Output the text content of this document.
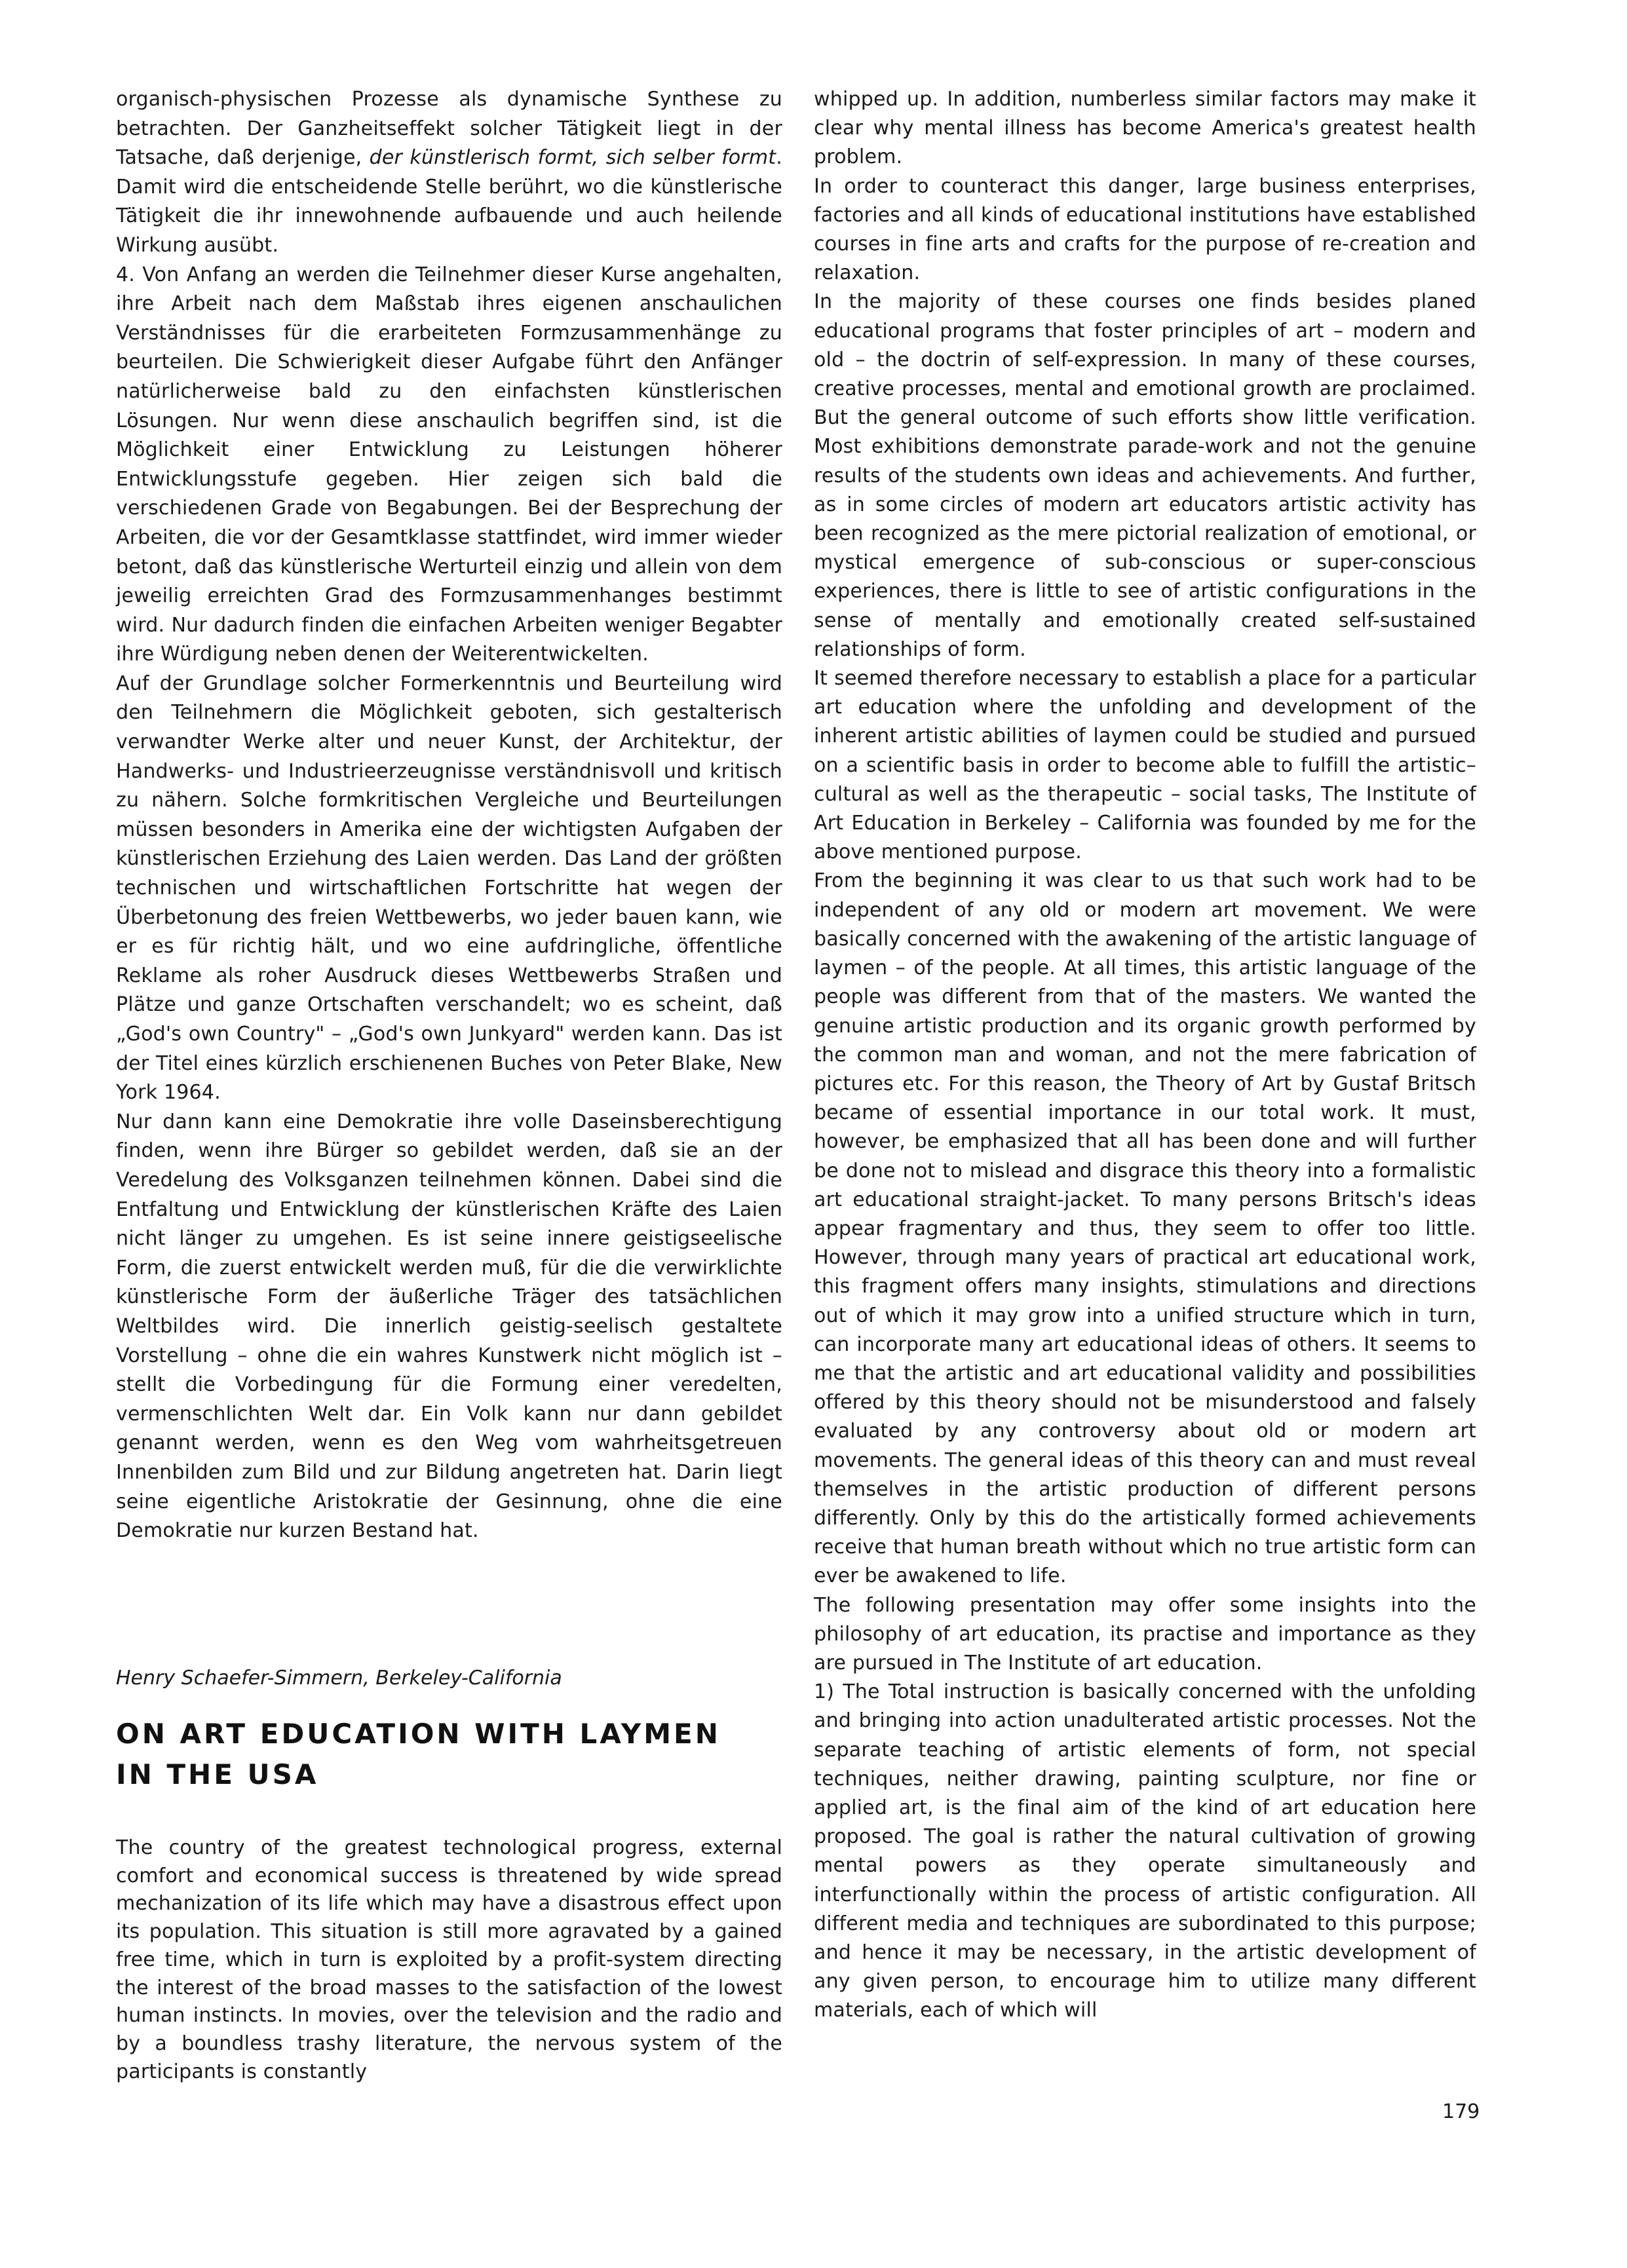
organisch-physischen Prozesse als dynamische Synthese zu betrachten. Der Ganzheitseffekt solcher Tätigkeit liegt in der Tatsache, daß derjenige, der künstlerisch formt, sich selber formt. Damit wird die entscheidende Stelle berührt, wo die künstlerische Tätigkeit die ihr innewohnende aufbauende und auch heilende Wirkung ausübt.

4. Von Anfang an werden die Teilnehmer dieser Kurse angehalten, ihre Arbeit nach dem Maßstab ihres eigenen anschaulichen Verständnisses für die erarbeiteten Formzusammenhänge zu beurteilen. Die Schwierigkeit dieser Aufgabe führt den Anfänger natürlicherweise bald zu den einfachsten künstlerischen Lösungen. Nur wenn diese anschaulich begriffen sind, ist die Möglichkeit einer Entwicklung zu Leistungen höherer Entwicklungsstufe gegeben. Hier zeigen sich bald die verschiedenen Grade von Begabungen. Bei der Besprechung der Arbeiten, die vor der Gesamtklasse stattfindet, wird immer wieder betont, daß das künstlerische Werturteil einzig und allein von dem jeweilig erreichten Grad des Formzusammenhanges bestimmt wird. Nur dadurch finden die einfachen Arbeiten weniger Begabter ihre Würdigung neben denen der Weiterentwickelten.

Auf der Grundlage solcher Formerkenntnis und Beurteilung wird den Teilnehmern die Möglichkeit geboten, sich gestalterisch verwandter Werke alter und neuer Kunst, der Architektur, der Handwerks- und Industrieerzeugnisse verständnisvoll und kritisch zu nähern. Solche formkritischen Vergleiche und Beurteilungen müssen besonders in Amerika eine der wichtigsten Aufgaben der künstlerischen Erziehung des Laien werden. Das Land der größten technischen und wirtschaftlichen Fortschritte hat wegen der Überbetonung des freien Wettbewerbs, wo jeder bauen kann, wie er es für richtig hält, und wo eine aufdringliche, öffentliche Reklame als roher Ausdruck dieses Wettbewerbs Straßen und Plätze und ganze Ortschaften verschandelt; wo es scheint, daß „God's own Country" – „God's own Junkyard" werden kann. Das ist der Titel eines kürzlich erschienenen Buches von Peter Blake, New York 1964.

Nur dann kann eine Demokratie ihre volle Daseinsberechtigung finden, wenn ihre Bürger so gebildet werden, daß sie an der Veredelung des Volksganzen teilnehmen können. Dabei sind die Entfaltung und Entwicklung der künstlerischen Kräfte des Laien nicht länger zu umgehen. Es ist seine innere geistigseelische Form, die zuerst entwickelt werden muß, für die die verwirklichte künstlerische Form der äußerliche Träger des tatsächlichen Weltbildes wird. Die innerlich geistig-seelisch gestaltete Vorstellung – ohne die ein wahres Kunstwerk nicht möglich ist – stellt die Vorbedingung für die Formung einer veredelten, vermenschlichten Welt dar. Ein Volk kann nur dann gebildet genannt werden, wenn es den Weg vom wahrheitsgetreuen Innenbilden zum Bild und zur Bildung angetreten hat. Darin liegt seine eigentliche Aristokratie der Gesinnung, ohne die eine Demokratie nur kurzen Bestand hat.

Henry Schaefer-Simmern, Berkeley-California

ON ART EDUCATION WITH LAYMEN
IN THE USA

The country of the greatest technological progress, external comfort and economical success is threatened by wide spread mechanization of its life which may have a disastrous effect upon its population. This situation is still more agravated by a gained free time, which in turn is exploited by a profit-system directing the interest of the broad masses to the satisfaction of the lowest human instincts. In movies, over the television and the radio and by a boundless trashy literature, the nervous system of the participants is constantly

whipped up. In addition, numberless similar factors may make it clear why mental illness has become America's greatest health problem.

In order to counteract this danger, large business enterprises, factories and all kinds of educational institutions have established courses in fine arts and crafts for the purpose of re-creation and relaxation.

In the majority of these courses one finds besides planed educational programs that foster principles of art – modern and old – the doctrin of self-expression. In many of these courses, creative processes, mental and emotional growth are proclaimed. But the general outcome of such efforts show little verification. Most exhibitions demonstrate parade-work and not the genuine results of the students own ideas and achievements. And further, as in some circles of modern art educators artistic activity has been recognized as the mere pictorial realization of emotional, or mystical emergence of sub-conscious or super-conscious experiences, there is little to see of artistic configurations in the sense of mentally and emotionally created self-sustained relationships of form.

It seemed therefore necessary to establish a place for a particular art education where the unfolding and development of the inherent artistic abilities of laymen could be studied and pursued on a scientific basis in order to become able to fulfill the artistic–cultural as well as the therapeutic – social tasks, The Institute of Art Education in Berkeley – California was founded by me for the above mentioned purpose.

From the beginning it was clear to us that such work had to be independent of any old or modern art movement. We were basically concerned with the awakening of the artistic language of laymen – of the people. At all times, this artistic language of the people was different from that of the masters. We wanted the genuine artistic production and its organic growth performed by the common man and woman, and not the mere fabrication of pictures etc. For this reason, the Theory of Art by Gustaf Britsch became of essential importance in our total work. It must, however, be emphasized that all has been done and will further be done not to mislead and disgrace this theory into a formalistic art educational straight-jacket. To many persons Britsch's ideas appear fragmentary and thus, they seem to offer too little. However, through many years of practical art educational work, this fragment offers many insights, stimulations and directions out of which it may grow into a unified structure which in turn, can incorporate many art educational ideas of others. It seems to me that the artistic and art educational validity and possibilities offered by this theory should not be misunderstood and falsely evaluated by any controversy about old or modern art movements. The general ideas of this theory can and must reveal themselves in the artistic production of different persons differently. Only by this do the artistically formed achievements receive that human breath without which no true artistic form can ever be awakened to life.

The following presentation may offer some insights into the philosophy of art education, its practise and importance as they are pursued in The Institute of art education.

1) The Total instruction is basically concerned with the unfolding and bringing into action unadulterated artistic processes. Not the separate teaching of artistic elements of form, not special techniques, neither drawing, painting sculpture, nor fine or applied art, is the final aim of the kind of art education here proposed. The goal is rather the natural cultivation of growing mental powers as they operate simultaneously and interfunctionally within the process of artistic configuration. All different media and techniques are subordinated to this purpose; and hence it may be necessary, in the artistic development of any given person, to encourage him to utilize many different materials, each of which will

179
